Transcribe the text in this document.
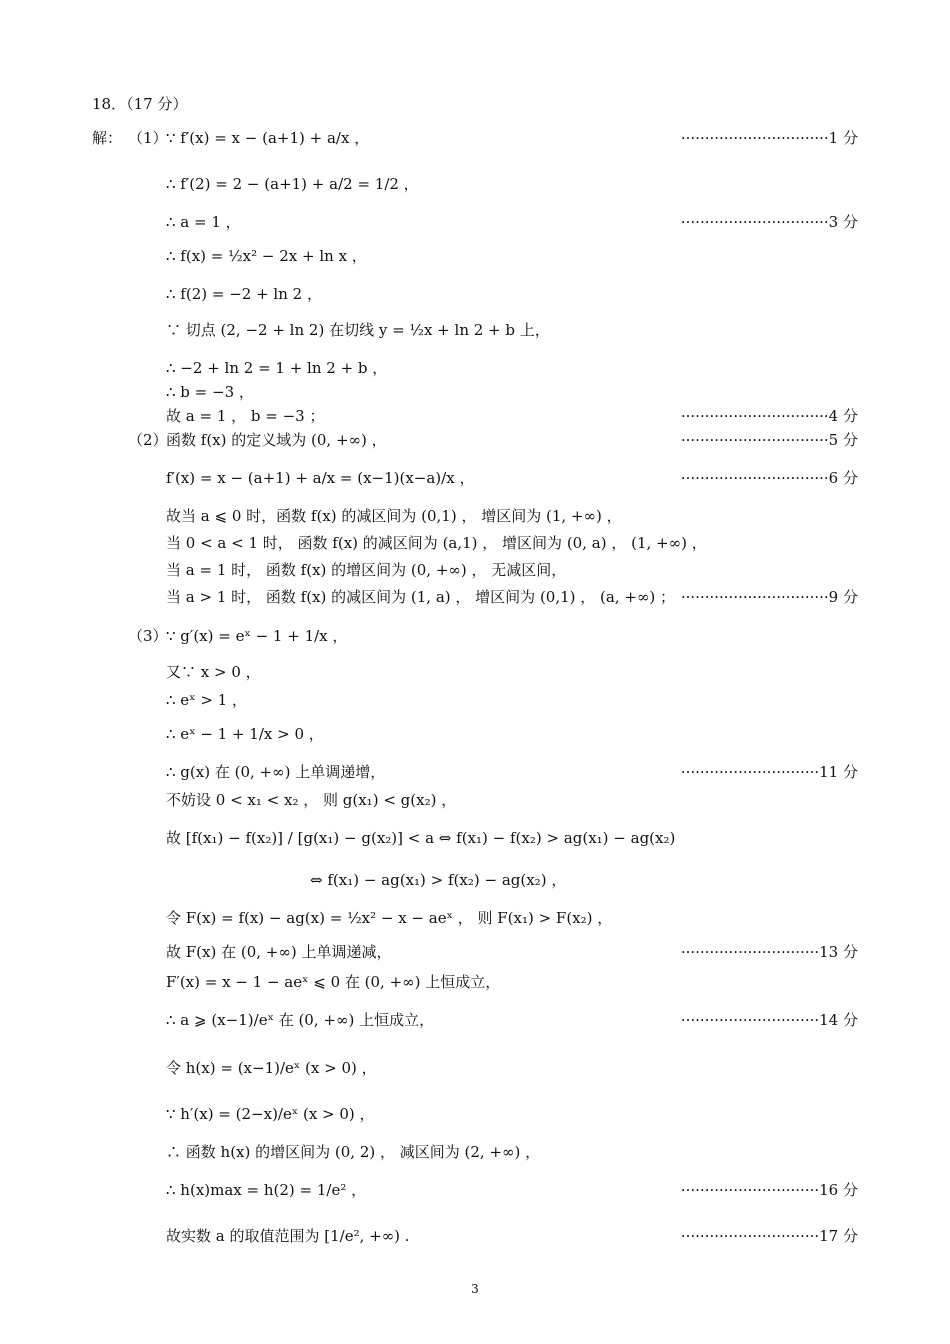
18．（17 分）
解： （1）
∵ f′(x) = x − (a+1) + a/x ，	·······························1 分
∴ f′(2) = 2 − (a+1) + a/2 = 1/2 ，
∴ a = 1 ，	·······························3 分
∴ f(x) = ½x² − 2x + ln x ，
∴ f(2) = −2 + ln 2 ，
∵ 切点 (2, −2 + ln 2) 在切线 y = ½x + ln 2 + b 上，
∴ −2 + ln 2 = 1 + ln 2 + b ，
∴ b = −3 ，
故 a = 1 ， b = −3 ；	·······························4 分
（2）
函数 f(x) 的定义域为 (0, +∞) ，	·······························5 分
f′(x) = x − (a+1) + a/x = (x−1)(x−a)/x ，	·······························6 分
故当 a ⩽ 0 时，函数 f(x) 的减区间为 (0,1) ， 增区间为 (1, +∞) ，
当 0 < a < 1 时， 函数 f(x) 的减区间为 (a,1) ， 增区间为 (0, a) ， (1, +∞) ，
当 a = 1 时， 函数 f(x) 的增区间为 (0, +∞) ， 无减区间，
当 a > 1 时， 函数 f(x) 的减区间为 (1, a) ， 增区间为 (0,1) ， (a, +∞) ； ·······························9 分
（3）
∵ g′(x) = eˣ − 1 + 1/x ，
又∵ x > 0 ，
∴ eˣ > 1 ，
∴ eˣ − 1 + 1/x > 0 ，
∴ g(x) 在 (0, +∞) 上单调递增，	·····························11 分
不妨设 0 < x₁ < x₂ ， 则 g(x₁) < g(x₂) ，
故 [f(x₁) − f(x₂)] / [g(x₁) − g(x₂)] < a ⇔ f(x₁) − f(x₂) > ag(x₁) − ag(x₂)
⇔ f(x₁) − ag(x₁) > f(x₂) − ag(x₂) ，
令 F(x) = f(x) − ag(x) = ½x² − x − aeˣ ， 则 F(x₁) > F(x₂) ，
故 F(x) 在 (0, +∞) 上单调递减，	·····························13 分
F′(x) = x − 1 − aeˣ ⩽ 0 在 (0, +∞) 上恒成立，
∴ a ⩾ (x−1)/eˣ 在 (0, +∞) 上恒成立，	·····························14 分
令 h(x) = (x−1)/eˣ (x > 0) ，
∵ h′(x) = (2−x)/eˣ (x > 0) ，
∴ 函数 h(x) 的增区间为 (0, 2) ， 减区间为 (2, +∞) ，
∴ h(x)max = h(2) = 1/e² ，	·····························16 分
故实数 a 的取值范围为 [1/e², +∞) .	·····························17 分
3
